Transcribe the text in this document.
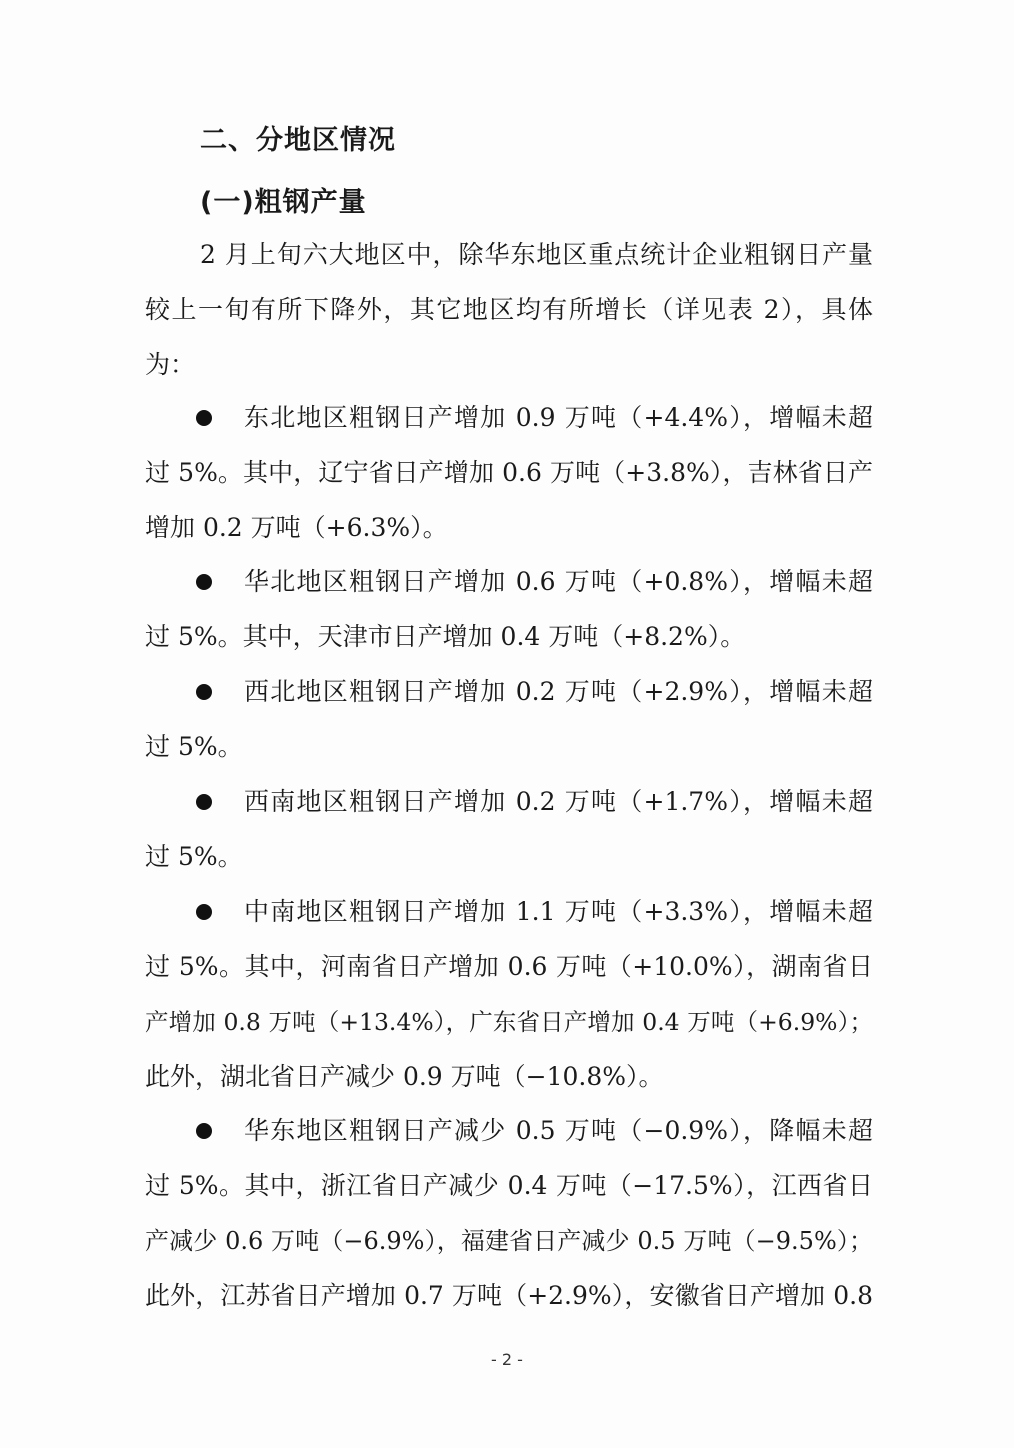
二、分地区情况
(一)粗钢产量
2 月上旬六大地区中，除华东地区重点统计企业粗钢日产量
较上一旬有所下降外，其它地区均有所增长（详见表 2），具体
为：
东北地区粗钢日产增加 0.9 万吨（+4.4%），增幅未超
过 5%。其中，辽宁省日产增加 0.6 万吨（+3.8%），吉林省日产
增加 0.2 万吨（+6.3%）。
华北地区粗钢日产增加 0.6 万吨（+0.8%），增幅未超
过 5%。其中，天津市日产增加 0.4 万吨（+8.2%）。
西北地区粗钢日产增加 0.2 万吨（+2.9%），增幅未超
过 5%。
西南地区粗钢日产增加 0.2 万吨（+1.7%），增幅未超
过 5%。
中南地区粗钢日产增加 1.1 万吨（+3.3%），增幅未超
过 5%。其中，河南省日产增加 0.6 万吨（+10.0%），湖南省日
产增加 0.8 万吨（+13.4%），广东省日产增加 0.4 万吨（+6.9%）；
此外，湖北省日产减少 0.9 万吨（−10.8%）。
华东地区粗钢日产减少 0.5 万吨（−0.9%），降幅未超
过 5%。其中，浙江省日产减少 0.4 万吨（−17.5%），江西省日
产减少 0.6 万吨（−6.9%），福建省日产减少 0.5 万吨（−9.5%）；
此外，江苏省日产增加 0.7 万吨（+2.9%），安徽省日产增加 0.8
- 2 -
